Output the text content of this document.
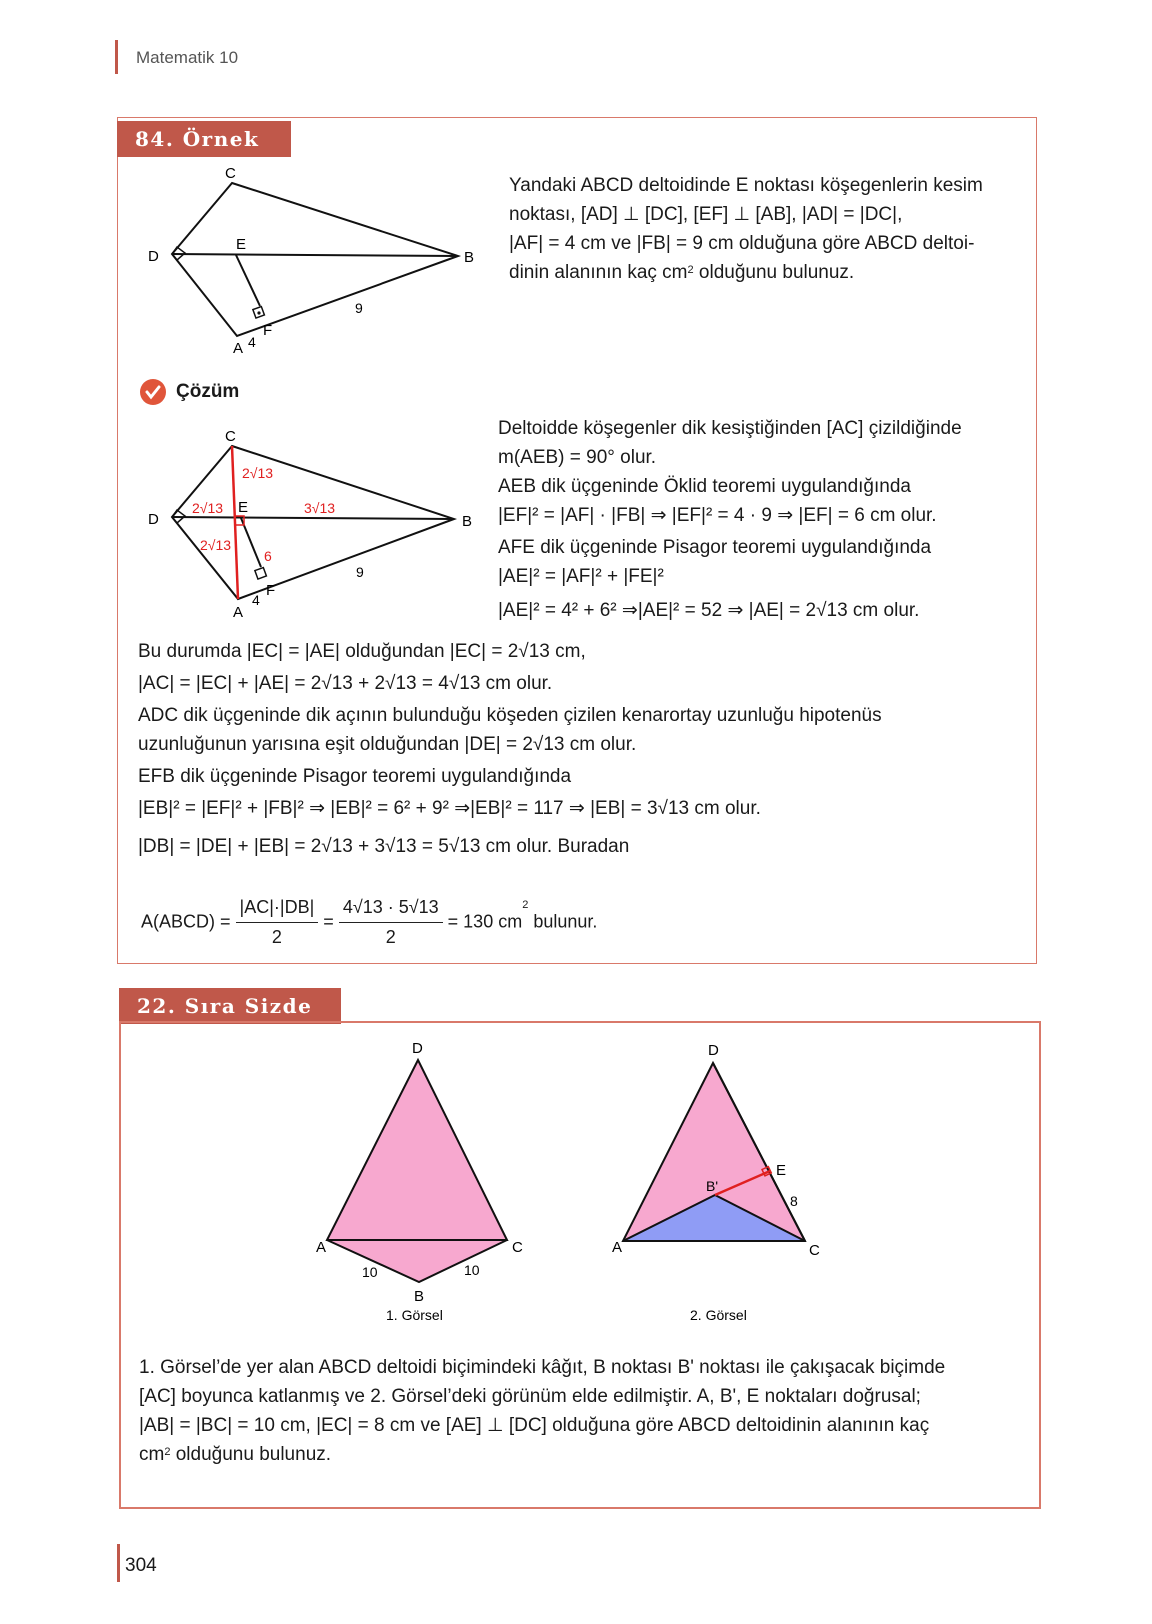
Matematik 10
84. Örnek
C
D
E
B
A
F
4
9
Yandaki ABCD deltoidinde E noktası köşegenlerin kesim
noktası, [AD] ⊥ [DC], [EF] ⊥ [AB], |AD| = |DC|,
|AF| = 4 cm ve |FB| = 9 cm olduğuna göre ABCD deltoi-
dinin alanının kaç $cm^2$ olduğunu bulunuz.
Çözüm
C
D
E
B
A
F
4
9
2√13
2√13	3√13
2√13
6
Deltoidde köşegenler dik kesiştiğinden [AC] çizildiğinde
m(AEB) = 90° olur.
AEB dik üçgeninde Öklid teoremi uygulandığında
|EF|² = |AF| · |FB| ⇒ |EF|² = 4 · 9 ⇒ |EF| = 6 cm olur.
AFE dik üçgeninde Pisagor teoremi uygulandığında
|AE|² = |AF|² + |FE|²
|AE|² = 4² + 6² ⇒|AE|² = 52 ⇒ |AE| = 2√13 cm olur.
Bu durumda |EC| = |AE| olduğundan |EC| = 2√13 cm,
|AC| = |EC| + |AE| = 2√13 + 2√13 = 4√13 cm olur.
ADC dik üçgeninde dik açının bulunduğu köşeden çizilen kenarortay uzunluğu hipotenüs
uzunluğunun yarısına eşit olduğundan |DE| = 2√13 cm olur.
EFB dik üçgeninde Pisagor teoremi uygulandığında
|EB|² = |EF|² + |FB|² ⇒ |EB|² = 6² + 9² ⇒|EB|² = 117 ⇒ |EB| = 3√13 cm olur.
|DB| = |DE| + |EB| = 2√13 + 3√13 = 5√13 cm olur. Buradan
A(ABCD) = $\frac{|AC|\cdot|DB|}{2} = \frac{4√13 \cdot 5√13}{2} = 130$ $cm^2$ bulunur.
22. Sıra Sizde
D
A	C
B
10	10
1. Görsel
D
A	C
B'
E
8
2. Görsel
1. Görsel’de yer alan ABCD deltoidi biçimindeki kâğıt, B noktası B' noktası ile çakışacak biçimde
[AC] boyunca katlanmış ve 2. Görsel’deki görünüm elde edilmiştir. A, B', E noktaları doğrusal;
|AB| = |BC| = 10 cm, |EC| = 8 cm ve [AE] ⊥ [DC] olduğuna göre ABCD deltoidinin alanının kaç
$cm^2$ olduğunu bulunuz.
304
